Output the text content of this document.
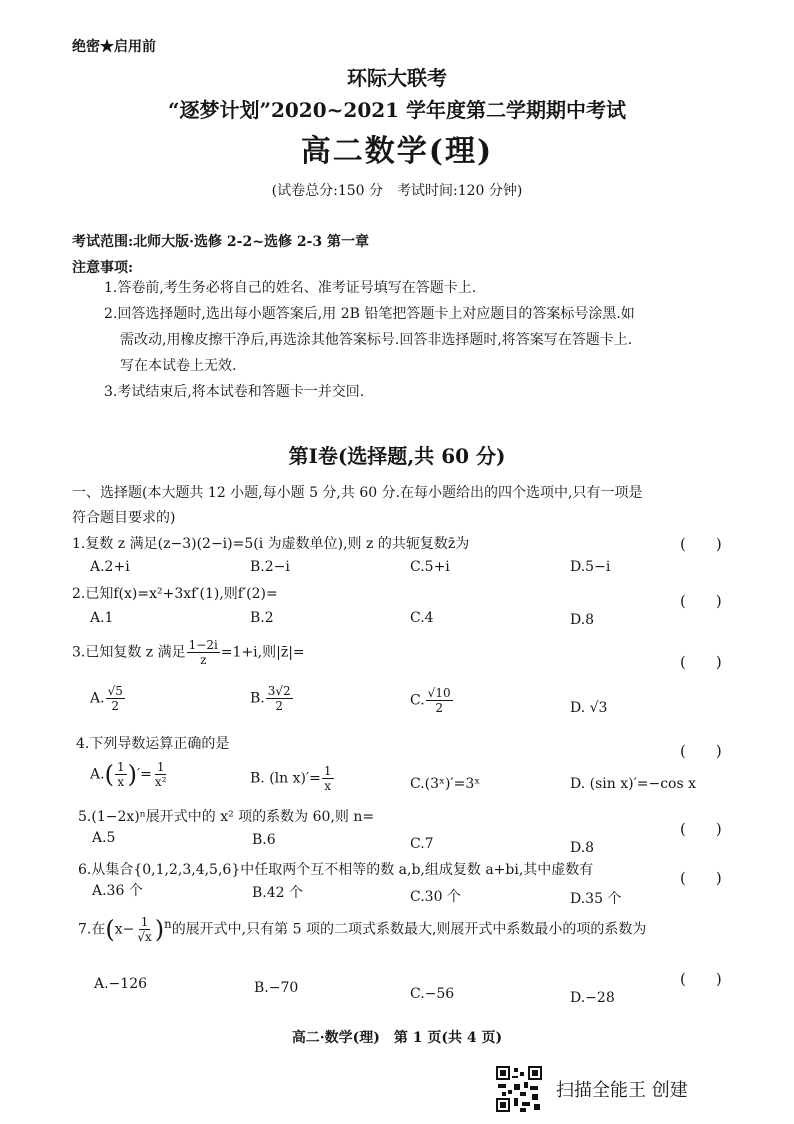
绝密★启用前
环际大联考
“逐梦计划”2020~2021 学年度第二学期期中考试
高二数学(理)
(试卷总分:150 分　考试时间:120 分钟)
考试范围:北师大版·选修 2-2~选修 2-3 第一章
注意事项:
1.答卷前,考生务必将自己的姓名、准考证号填写在答题卡上.
2.回答选择题时,选出每小题答案后,用 2B 铅笔把答题卡上对应题目的答案标号涂黑.如
需改动,用橡皮擦干净后,再选涂其他答案标号.回答非选择题时,将答案写在答题卡上.
写在本试卷上无效.
3.考试结束后,将本试卷和答题卡一并交回.
第Ⅰ卷(选择题,共 60 分)
一、选择题(本大题共 12 小题,每小题 5 分,共 60 分.在每小题给出的四个选项中,只有一项是
符合题目要求的)
1.复数 z 满足(z−3)(2−i)=5(i 为虚数单位),则 z 的共轭复数z̄为	(　　)
A.2+i	B.2−i	C.5+i	D.5−i
2.已知f(x)=x²+3xf′(1),则f′(2)=	(　　)
A.1	B.2	C.4	D.8
3.已知复数 z 满足 $\frac{1-2i}{z} =1+i$,则|z̄|=
(　　)
A. $\frac{√5}{2}$	B. $\frac{3√2}{2}$	C. $\frac{√10}{2}$	D. √3
4.下列导数运算正确的是	(　　)
$A.( \frac{1}{x}$ )′= $\frac{1}{\text{x²}}$	B. (ln $x)'= \frac{1}{x}$	C.(3ˣ)′=3ˣ	D. (sin x)′=−cos x
5.(1−2x)ⁿ展开式中的 x² 项的系数为 60,则 n=
(　　)
A.5	B.6	C.7	D.8
6.从集合{0,1,2,3,4,5,6}中任取两个互不相等的数 a,b,组成复数 a+bi,其中虚数有	(　　)
A.36 个	B.42 个	C.30 个	D.35 个
7.在$(x- \frac{1}{√x} )^n$的展开式中,只有第 5 项的二项式系数最大,则展开式中系数最小的项的系数为
(　　)
A.−126	B.−70	C.−56	D.−28
高二·数学(理)　第 1 页(共 4 页)
扫描全能王 创建
